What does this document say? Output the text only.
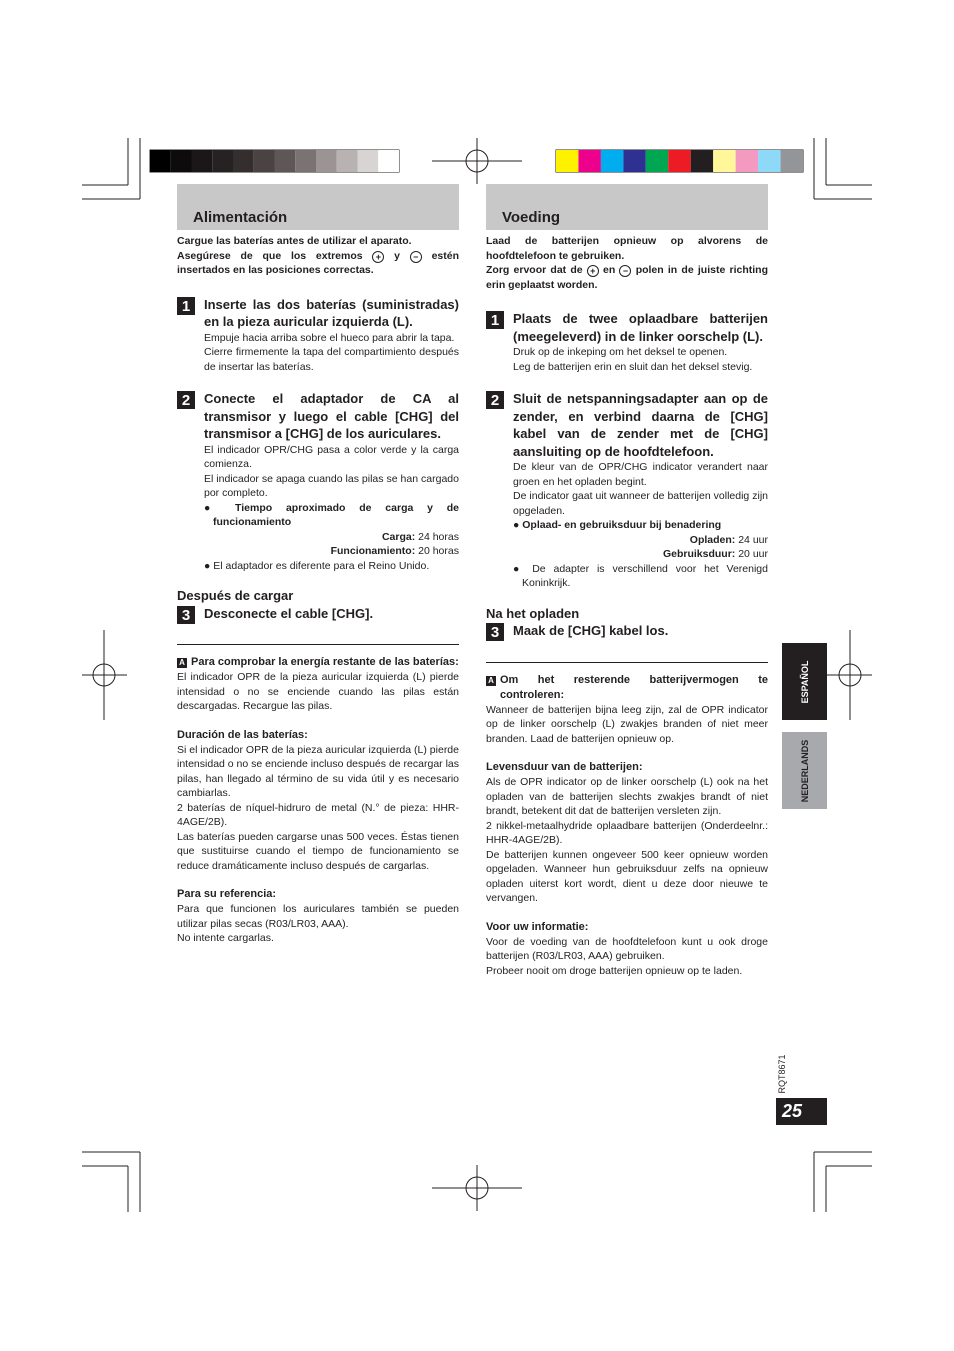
Alimentación

Cargue las baterías antes de utilizar el aparato.
Asegúrese de que los extremos + y − estén insertados en las posiciones correctas.

1	Inserte las dos baterías (suministradas) en la pieza auricular izquierda (L).

Empuje hacia arriba sobre el hueco para abrir la tapa.

Cierre firmemente la tapa del compartimiento después de insertar las baterías.

2	Conecte el adaptador de CA al transmisor y luego el cable [CHG] del transmisor a [CHG] de los auriculares.

El indicador OPR/CHG pasa a color verde y la carga comienza.

El indicador se apaga cuando las pilas se han cargado por completo.

● Tiempo aproximado de carga y de funcionamiento

Carga: 24 horas

Funcionamiento: 20 horas

● El adaptador es diferente para el Reino Unido.

Después de cargar

3	Desconecte el cable [CHG].

A Para comprobar la energía restante de las baterías:

El indicador OPR de la pieza auricular izquierda (L) pierde intensidad o no se enciende cuando las pilas están descargadas. Recargue las pilas.

Duración de las baterías:

Si el indicador OPR de la pieza auricular izquierda (L) pierde intensidad o no se enciende incluso después de recargar las pilas, han llegado al término de su vida útil y es necesario cambiarlas.

2 baterías de níquel-hidruro de metal (N.° de pieza: HHR-4AGE/2B).

Las baterías pueden cargarse unas 500 veces. Éstas tienen que sustituirse cuando el tiempo de funcionamiento se reduce dramáticamente incluso después de cargarlas.

Para su referencia:

Para que funcionen los auriculares también se pueden utilizar pilas secas (R03/LR03, AAA).

No intente cargarlas.

Voeding

Laad de batterijen opnieuw op alvorens de hoofdtelefoon te gebruiken.
Zorg ervoor dat de + en − polen in de juiste richting erin geplaatst worden.

1	Plaats de twee oplaadbare batterijen (meegeleverd) in de linker oorschelp (L).

Druk op de inkeping om het deksel te openen.

Leg de batterijen erin en sluit dan het deksel stevig.

2	Sluit de netspanningsadapter aan op de zender, en verbind daarna de [CHG] kabel van de zender met de [CHG] aansluiting op de hoofdtelefoon.

De kleur van de OPR/CHG indicator verandert naar groen en het opladen begint.

De indicator gaat uit wanneer de batterijen volledig zijn opgeladen.

● Oplaad- en gebruiksduur bij benadering

Opladen: 24 uur

Gebruiksduur: 20 uur

● De adapter is verschillend voor het Verenigd Koninkrijk.

Na het opladen

3	Maak de [CHG] kabel los.

A Om het resterende batterijvermogen te controleren:

Wanneer de batterijen bijna leeg zijn, zal de OPR indicator op de linker oorschelp (L) zwakjes branden of niet meer branden. Laad de batterijen opnieuw op.

Levensduur van de batterijen:

Als de OPR indicator op de linker oorschelp (L) ook na het opladen van de batterijen slechts zwakjes brandt of niet brandt, betekent dit dat de batterijen versleten zijn.

2 nikkel-metaalhydride oplaadbare batterijen (Onderdeelnr.: HHR-4AGE/2B).

De batterijen kunnen ongeveer 500 keer opnieuw worden opgeladen. Wanneer hun gebruiksduur zelfs na opnieuw opladen uiterst kort wordt, dient u deze door nieuwe te vervangen.

Voor uw informatie:

Voor de voeding van de hoofdtelefoon kunt u ook droge batterijen (R03/LR03, AAA) gebruiken.

Probeer nooit om droge batterijen opnieuw op te laden.

ESPAÑOL
NEDERLANDS
RQT8671
25
